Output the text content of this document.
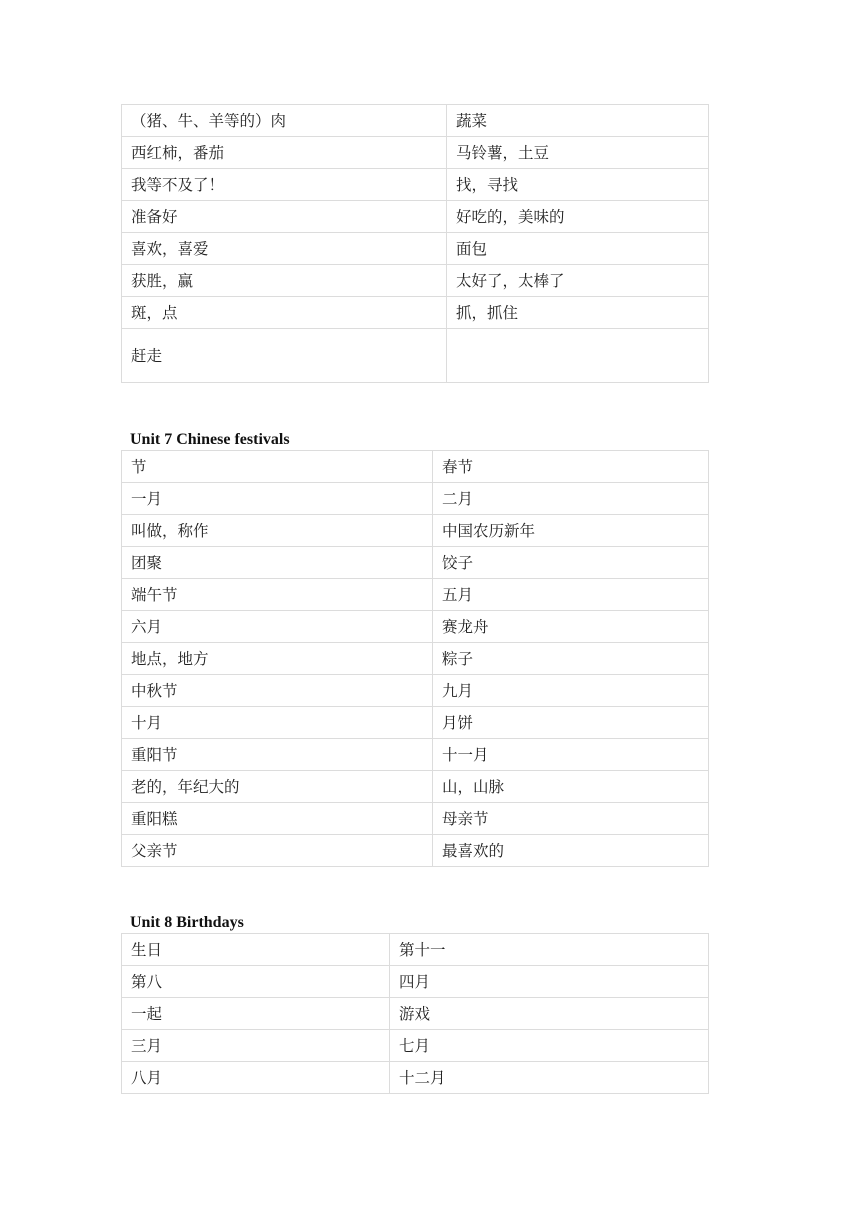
（猪、牛、羊等的）肉	蔬菜
西红柿，番茄	马铃薯，土豆
我等不及了！	找，寻找
准备好	好吃的，美味的
喜欢，喜爱	面包
获胜，赢	太好了，太棒了
斑，点	抓，抓住
赶走	
Unit 7 Chinese festivals
节	春节
一月	二月
叫做，称作	中国农历新年
团聚	饺子
端午节	五月
六月	赛龙舟
地点，地方	粽子
中秋节	九月
十月	月饼
重阳节	十一月
老的，年纪大的	山，山脉
重阳糕	母亲节
父亲节	最喜欢的
Unit 8 Birthdays
生日	第十一
第八	四月
一起	游戏
三月	七月
八月	十二月
